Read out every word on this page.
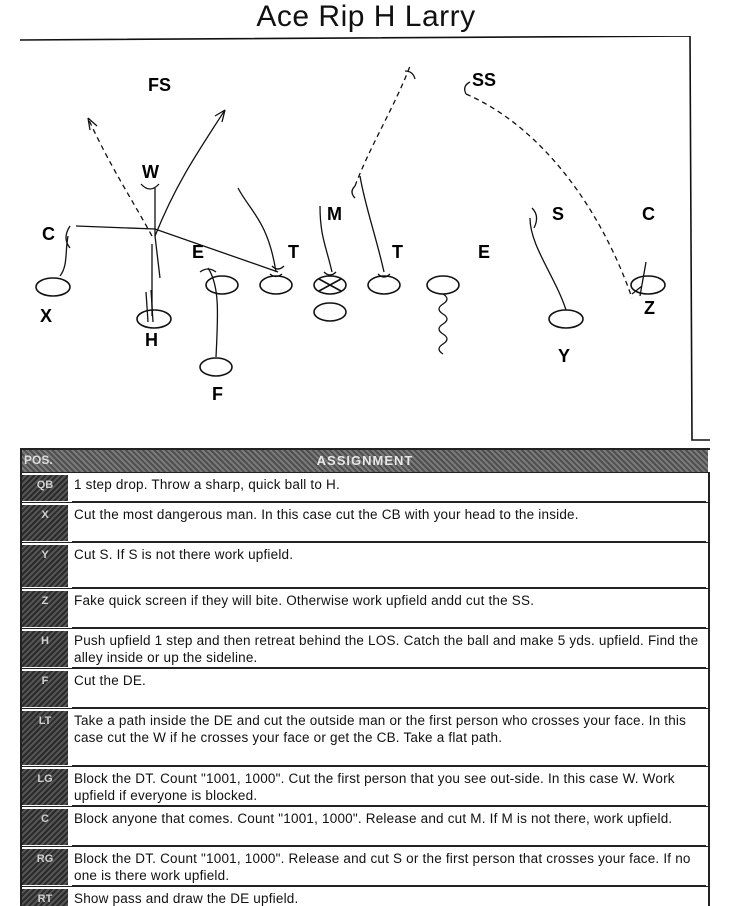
Ace Rip H Larry
FS	SS
W
M	S	C
E	T	T	E
C
X
H
F
Y
Z
POS.	ASSIGNMENT
QB	1 step drop. Throw a sharp, quick ball to H.
X	Cut the most dangerous man. In this case cut the CB with your head to the inside.
Y	Cut S. If S is not there work upfield.
Z	Fake quick screen if they will bite. Otherwise work upfield andd cut the SS.
H	Push upfield 1 step and then retreat behind the LOS. Catch the ball and make 5 yds. upfield. Find the alley inside or up the sideline.
F	Cut the DE.
LT	Take a path inside the DE and cut the outside man or the first person who crosses your face. In this case cut the W if he crosses your face or get the CB. Take a flat path.
LG	Block the DT. Count "1001, 1000". Cut the first person that you see out-side. In this case W. Work upfield if everyone is blocked.
C	Block anyone that comes. Count "1001, 1000". Release and cut M. If M is not there, work upfield.
RG	Block the DT. Count "1001, 1000". Release and cut S or the first person that crosses your face. If no one is there work upfield.
RT	Show pass and draw the DE upfield.
